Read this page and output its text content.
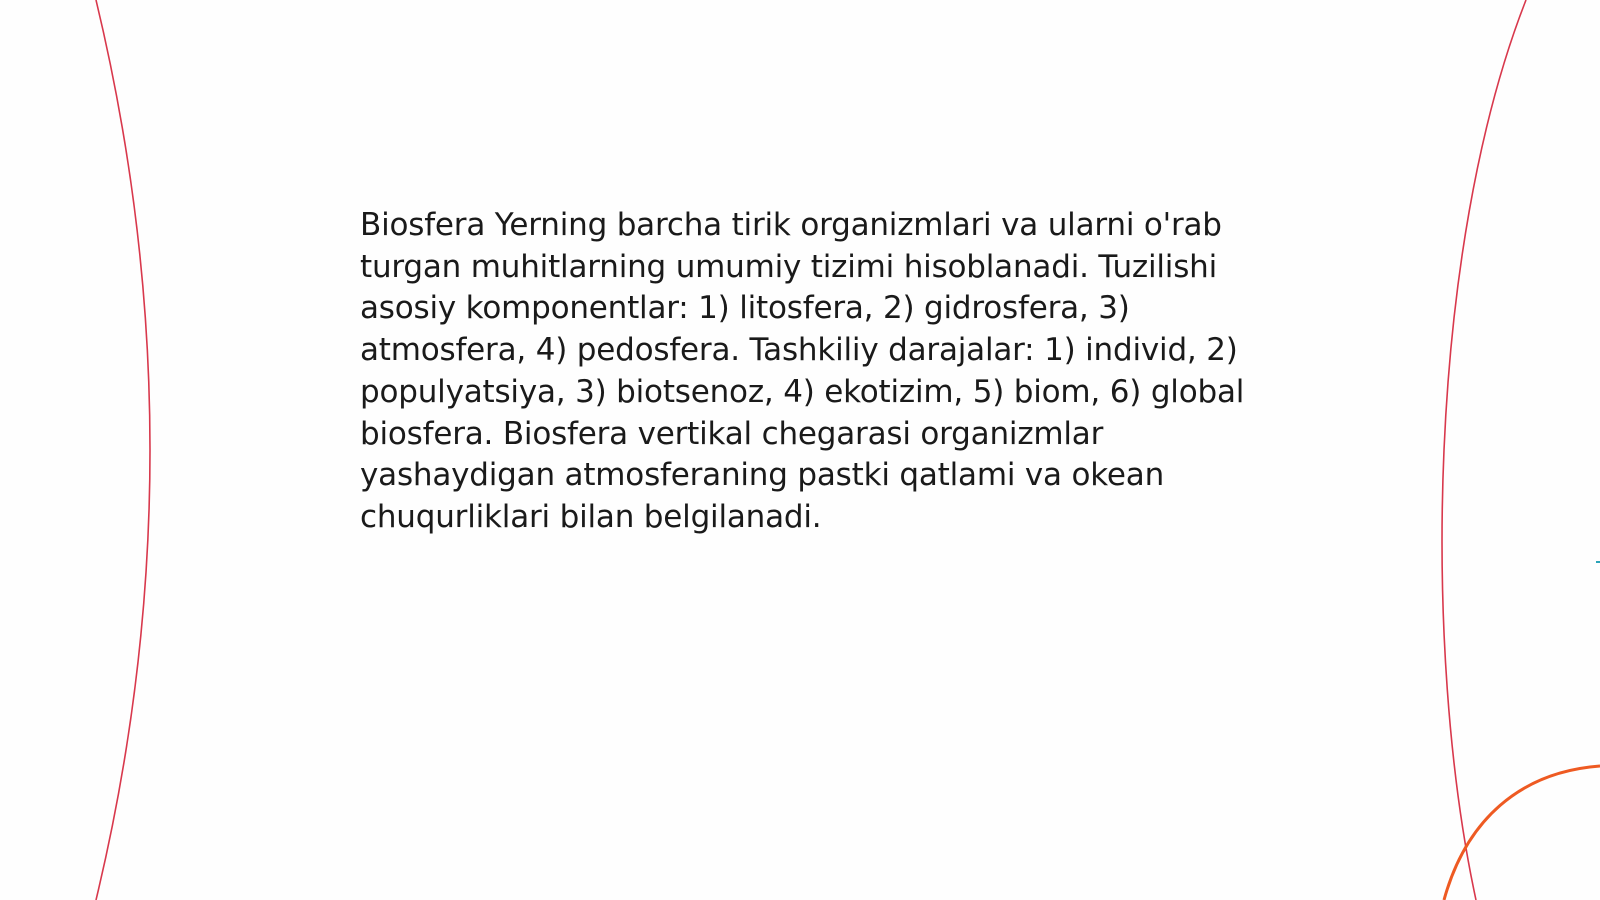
Biosfera Yerning barcha tirik organizmlari va ularni o'rab turgan muhitlarning umumiy tizimi hisoblanadi. Tuzilishi asosiy komponentlar: 1) litosfera, 2) gidrosfera, 3) atmosfera, 4) pedosfera. Tashkiliy darajalar: 1) individ, 2) populyatsiya, 3) biotsenoz, 4) ekotizim, 5) biom, 6) global biosfera. Biosfera vertikal chegarasi organizmlar yashaydigan atmosferaning pastki qatlami va okean chuqurliklari bilan belgilanadi.
